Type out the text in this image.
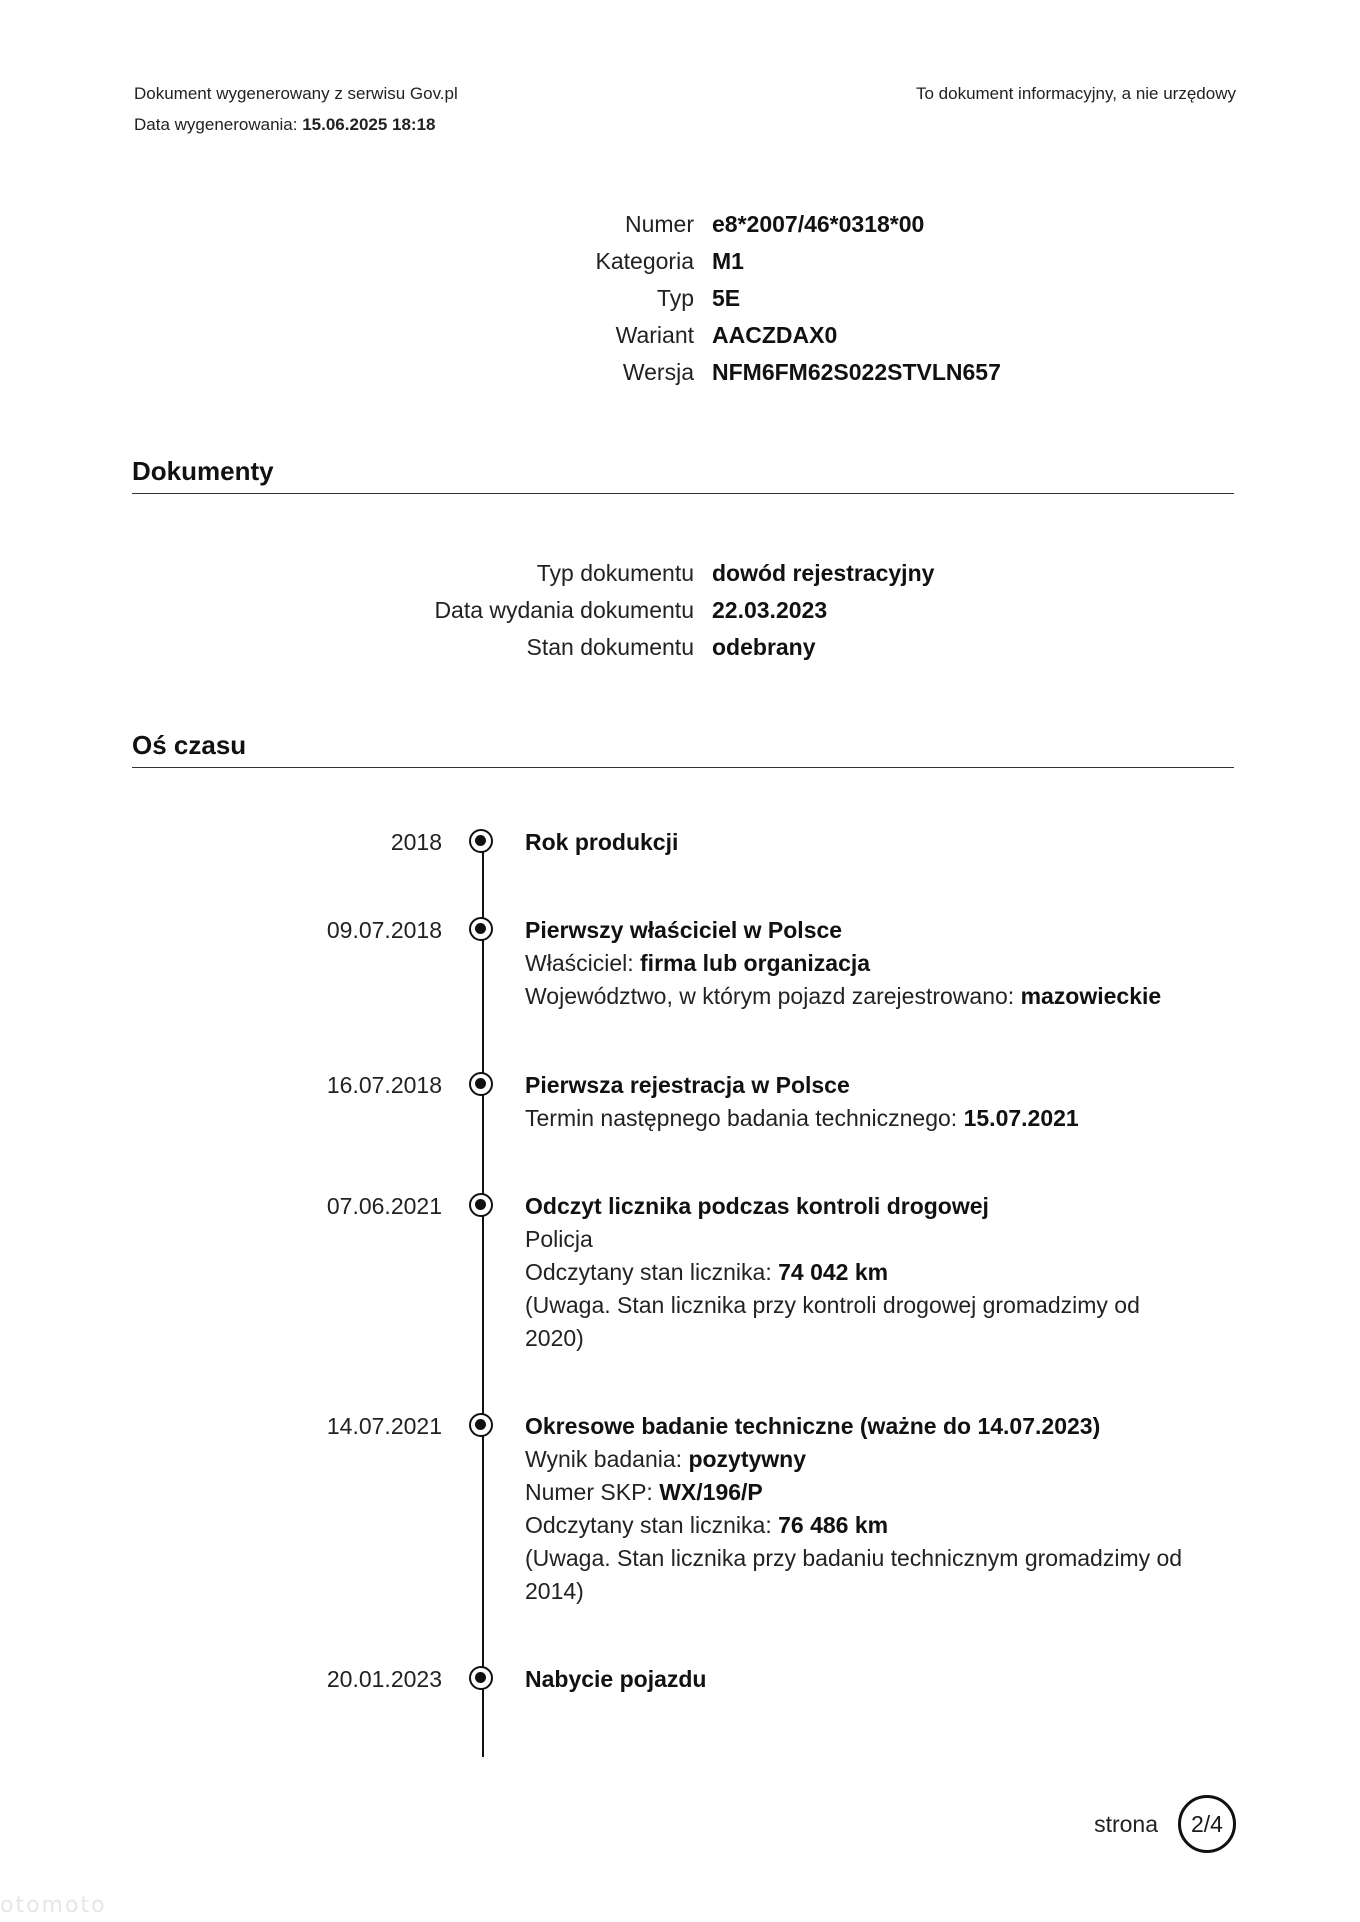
Dokument wygenerowany z serwisu Gov.pl
Data wygenerowania: 15.06.2025 18:18
To dokument informacyjny, a nie urzędowy
Numer e8*2007/46*0318*00
Kategoria M1
Typ 5E
Wariant AACZDAX0
Wersja NFM6FM62S022STVLN657
Dokumenty
Typ dokumentu dowód rejestracyjny
Data wydania dokumentu 22.03.2023
Stan dokumentu odebrany
Oś czasu
2018	Rok produkcji
09.07.2018	Pierwszy właściciel w Polsce
Właściciel: firma lub organizacja
Województwo, w którym pojazd zarejestrowano: mazowieckie
16.07.2018	Pierwsza rejestracja w Polsce
Termin następnego badania technicznego: 15.07.2021
07.06.2021	Odczyt licznika podczas kontroli drogowej
Policja
Odczytany stan licznika: 74 042 km
(Uwaga. Stan licznika przy kontroli drogowej gromadzimy od 2020)
14.07.2021	Okresowe badanie techniczne (ważne do 14.07.2023)
Wynik badania: pozytywny
Numer SKP: WX/196/P
Odczytany stan licznika: 76 486 km
(Uwaga. Stan licznika przy badaniu technicznym gromadzimy od 2014)
20.01.2023	Nabycie pojazdu
strona	2/4
otomoto
